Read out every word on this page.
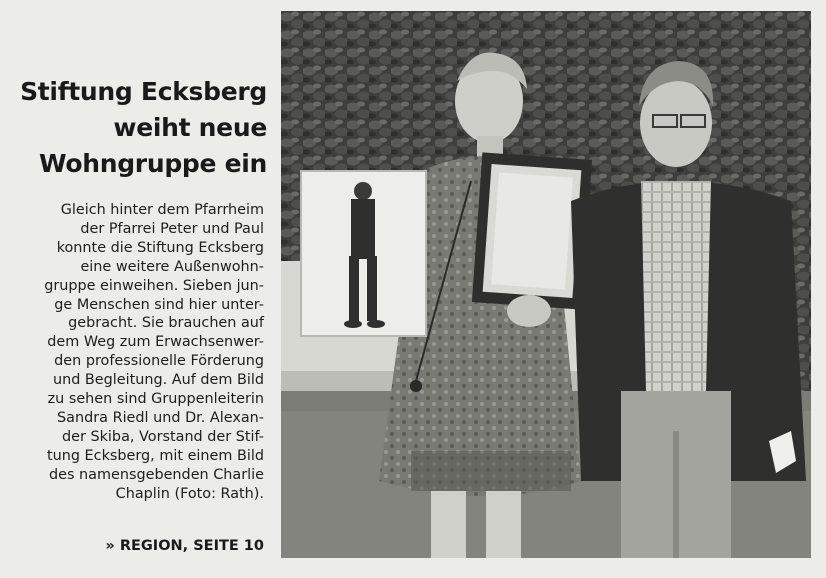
Stiftung Ecksberg
weiht neue
Wohngruppe ein
Gleich hinter dem Pfarrheim
der Pfarrei Peter und Paul
konnte die Stiftung Ecksberg
eine weitere Außenwohn-
gruppe einweihen. Sieben jun-
ge Menschen sind hier unter-
gebracht. Sie brauchen auf
dem Weg zum Erwachsenwer-
den professionelle Förderung
und Begleitung. Auf dem Bild
zu sehen sind Gruppenleiterin
Sandra Riedl und Dr. Alexan-
der Skiba, Vorstand der Stif-
tung Ecksberg, mit einem Bild
des namensgebenden Charlie
Chaplin (Foto: Rath).
» REGION, SEITE 10
